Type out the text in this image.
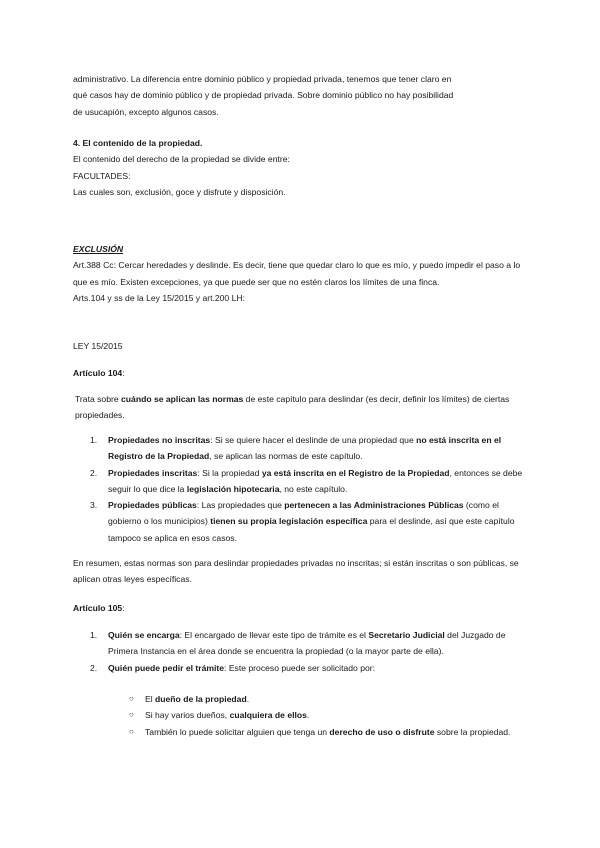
administrativo. La diferencia entre dominio público y propiedad privada, tenemos que tener claro en

qué casos hay de dominio público y de propiedad privada. Sobre dominio público no hay posibilidad

de usucapión, excepto algunos casos.

4. El contenido de la propiedad.

El contenido del derecho de la propiedad se divide entre:

FACULTADES:

Las cuales son, exclusión, goce y disfrute y disposición.

EXCLUSIÓN

Art.388 Cc: Cercar heredades y deslinde. Es decir, tiene que quedar claro lo que es mío, y puedo impedir el paso a lo que es mío. Existen excepciones, ya que puede ser que no estén claros los límites de una finca.

Arts.104 y ss de la Ley 15/2015 y art.200 LH:

LEY 15/2015

Artículo 104:

Trata sobre cuándo se aplican las normas de este capítulo para deslindar (es decir, definir los límites) de ciertas propiedades.

1. Propiedades no inscritas: Si se quiere hacer el deslinde de una propiedad que no está inscrita en el Registro de la Propiedad, se aplican las normas de este capítulo.
2. Propiedades inscritas: Si la propiedad ya está inscrita en el Registro de la Propiedad, entonces se debe seguir lo que dice la legislación hipotecaria, no este capítulo.
3. Propiedades públicas: Las propiedades que pertenecen a las Administraciones Públicas (como el gobierno o los municipios) tienen su propia legislación específica para el deslinde, así que este capítulo tampoco se aplica en esos casos.

En resumen, estas normas son para deslindar propiedades privadas no inscritas; si están inscritas o son públicas, se aplican otras leyes específicas.

Artículo 105:

1. Quién se encarga: El encargado de llevar este tipo de trámite es el Secretario Judicial del Juzgado de Primera Instancia en el área donde se encuentra la propiedad (o la mayor parte de ella).
2. Quién puede pedir el trámite: Este proceso puede ser solicitado por:
○ El dueño de la propiedad.
○ Si hay varios dueños, cualquiera de ellos.
○ También lo puede solicitar alguien que tenga un derecho de uso o disfrute sobre la propiedad.
